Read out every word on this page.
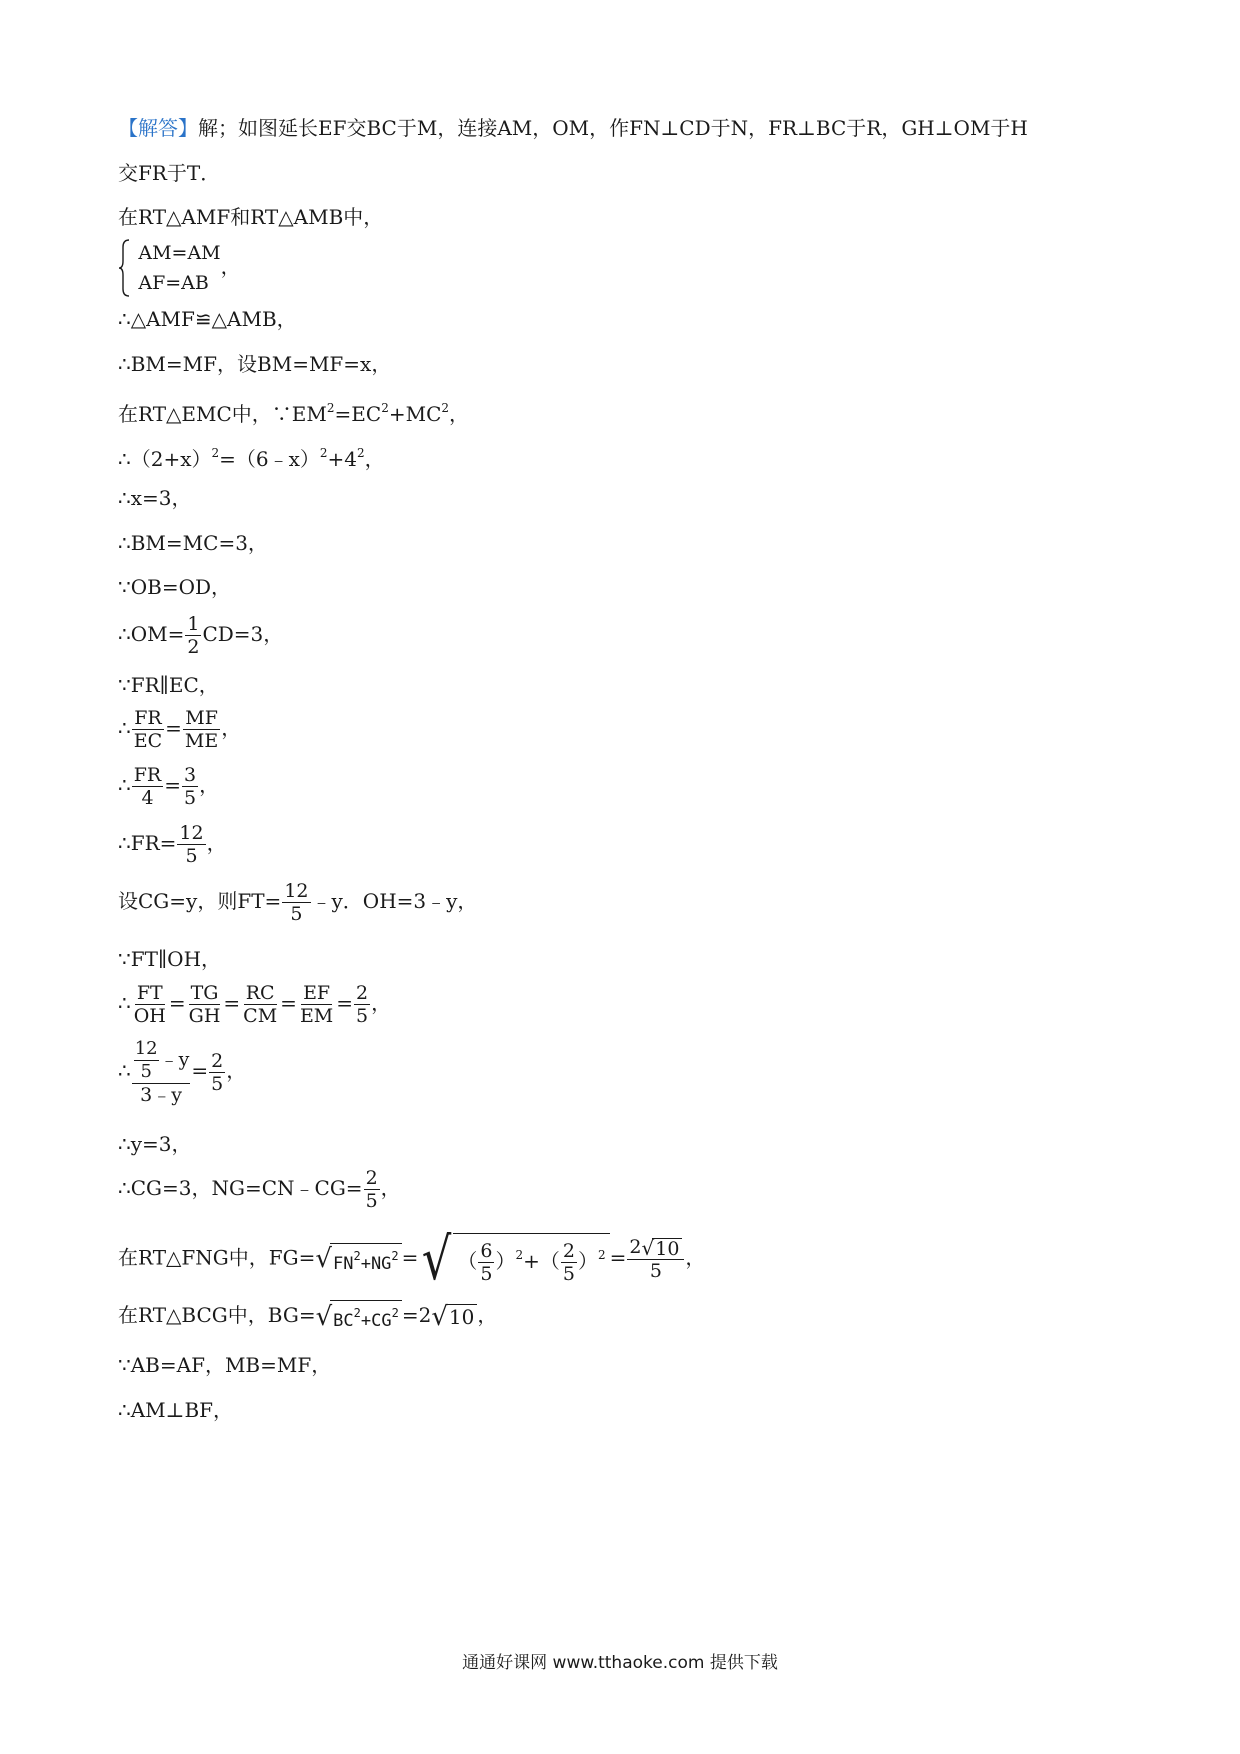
【解答】解；如图延长EF交BC于M，连接AM，OM，作FN⊥CD于N，FR⊥BC于R，GH⊥OM于H
交FR于T．
在RT△AMF和RT△AMB中，

AM=AM
AF=AB
，
∴△AMF≌△AMB，
∴BM=MF，设BM=MF=x，
在RT△EMC中，$\because EM^2=EC^2+MC^2$，
$\therefore(2+x)^2=(6﹣x)^2+4^2$，
∴x=3，
∴BM=MC=3，
∵OB=OD，
∴OM= $\frac{1}{2} CD=3$，
∵FR∥EC，
∴ $\frac{FR}{EC} = \frac{MF}{ME}$ ，
∴ $\frac{FR}{4} = \frac{3}{5}$ ，
∴FR= $\frac{12}{5}$ ，
设CG=y，则$FT= \frac{12}{5}$ ﹣y．OH=3﹣y，
∵FT∥OH，
∴ $\frac{FT}{OH} = \frac{TG}{GH} = \frac{RC}{CM} = \frac{EF}{EM} = \frac{2}{5}$ ，
∴ $\frac{\frac{12}{5} ﹣y}{3﹣y} = \frac{2}{5}$ ，
∴y=3，
∴CG=3，NG=CN﹣CG= $\frac{2}{5}$ ，
在RT△FNG中，FG= √ $FN^2+NG^2$ = √ （ $\frac{6}{5} )^2+( \frac{2}{5} )^2 = \frac{2 √ 10}{5}$ ，
在RT△BCG中，BG= √ $BC^2+CG^2 =2$ √ 10 ，
∵AB=AF，MB=MF，
∴AM⊥BF，
通通好课网 www.tthaoke.com 提供下载
